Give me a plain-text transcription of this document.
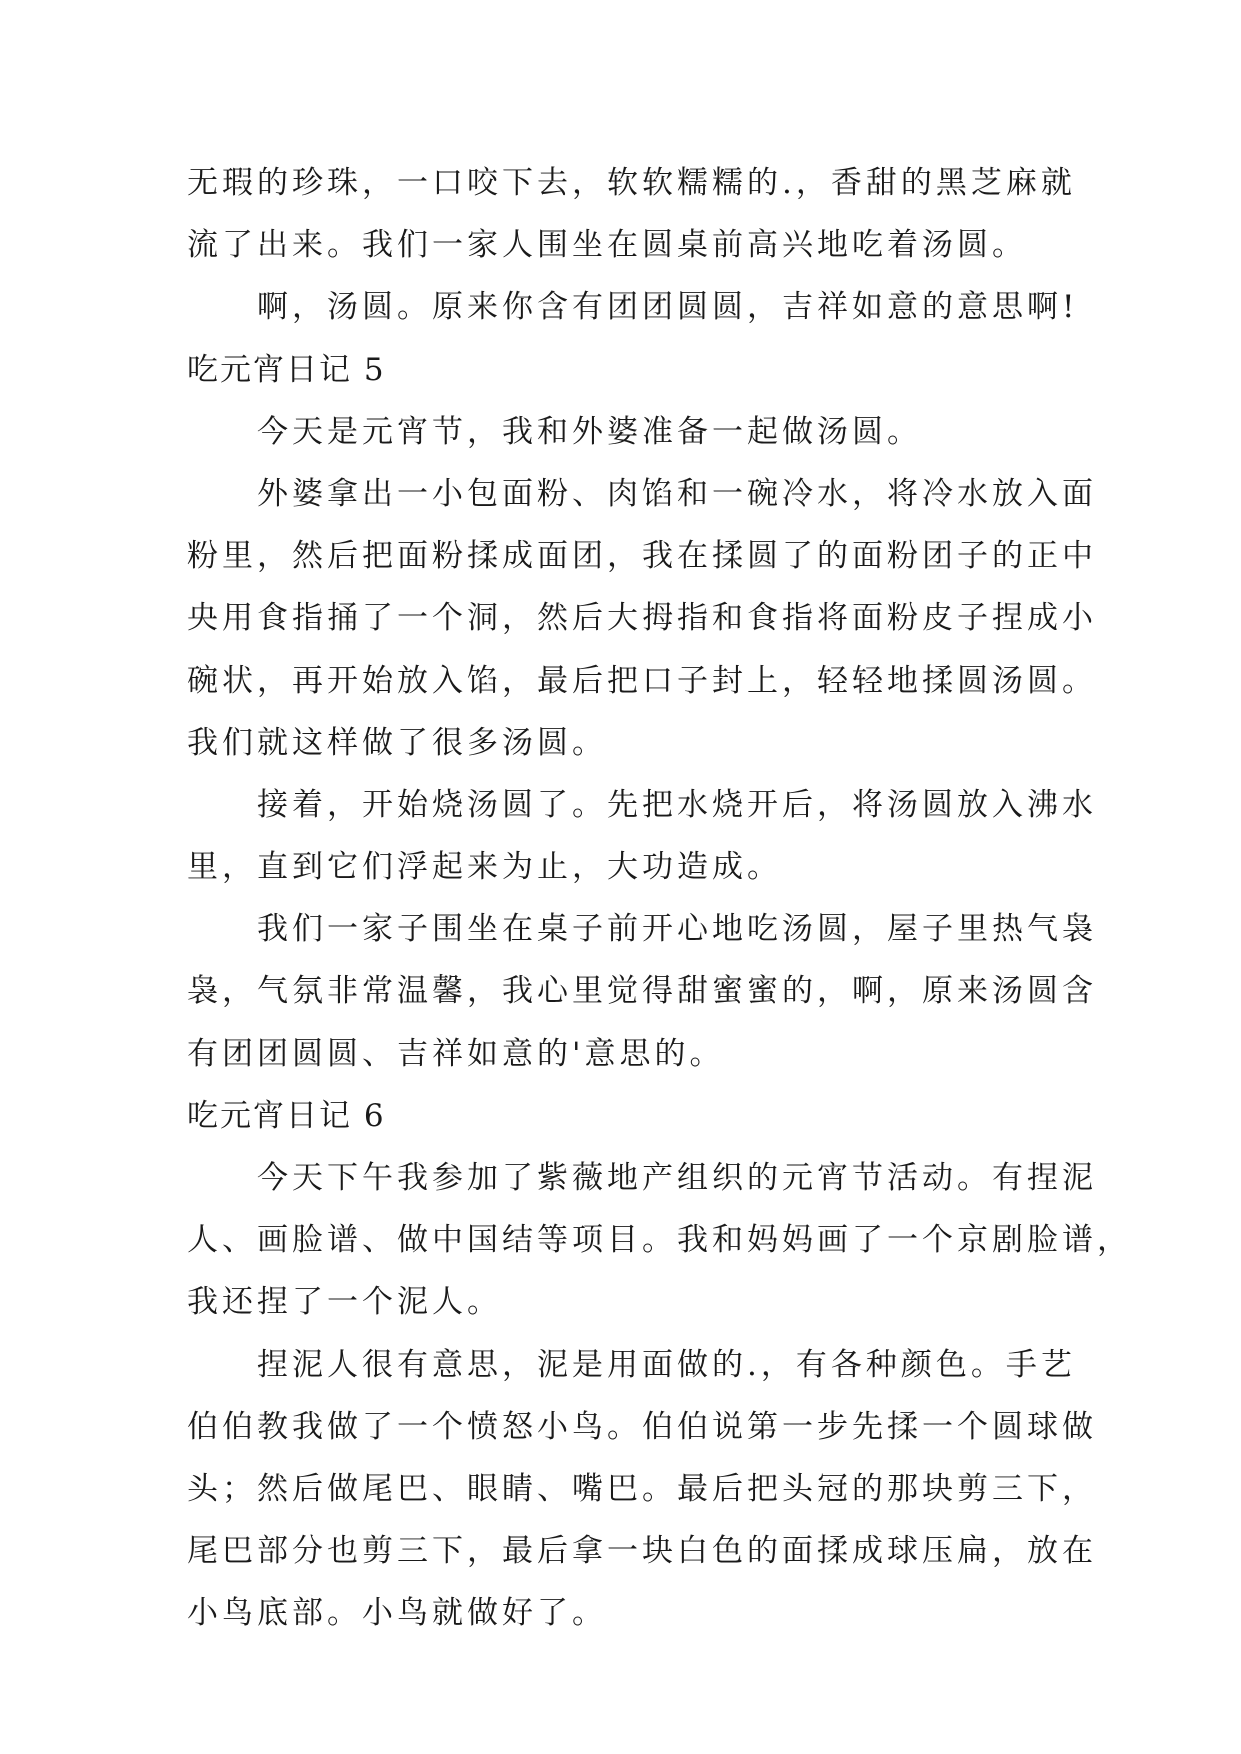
无瑕的珍珠，一口咬下去，软软糯糯的.，香甜的黑芝麻就
流了出来。我们一家人围坐在圆桌前高兴地吃着汤圆。
啊，汤圆。原来你含有团团圆圆，吉祥如意的意思啊!
吃元宵日记 5
今天是元宵节，我和外婆准备一起做汤圆。
外婆拿出一小包面粉、肉馅和一碗冷水，将冷水放入面
粉里，然后把面粉揉成面团，我在揉圆了的面粉团子的正中
央用食指捅了一个洞，然后大拇指和食指将面粉皮子捏成小
碗状，再开始放入馅，最后把口子封上，轻轻地揉圆汤圆。
我们就这样做了很多汤圆。
接着，开始烧汤圆了。先把水烧开后，将汤圆放入沸水
里，直到它们浮起来为止，大功造成。
我们一家子围坐在桌子前开心地吃汤圆，屋子里热气袅
袅，气氛非常温馨，我心里觉得甜蜜蜜的，啊，原来汤圆含
有团团圆圆、吉祥如意的'意思的。
吃元宵日记 6
今天下午我参加了紫薇地产组织的元宵节活动。有捏泥
人、画脸谱、做中国结等项目。我和妈妈画了一个京剧脸谱，
我还捏了一个泥人。
捏泥人很有意思，泥是用面做的.，有各种颜色。手艺
伯伯教我做了一个愤怒小鸟。伯伯说第一步先揉一个圆球做
头；然后做尾巴、眼睛、嘴巴。最后把头冠的那块剪三下，
尾巴部分也剪三下，最后拿一块白色的面揉成球压扁，放在
小鸟底部。小鸟就做好了。
